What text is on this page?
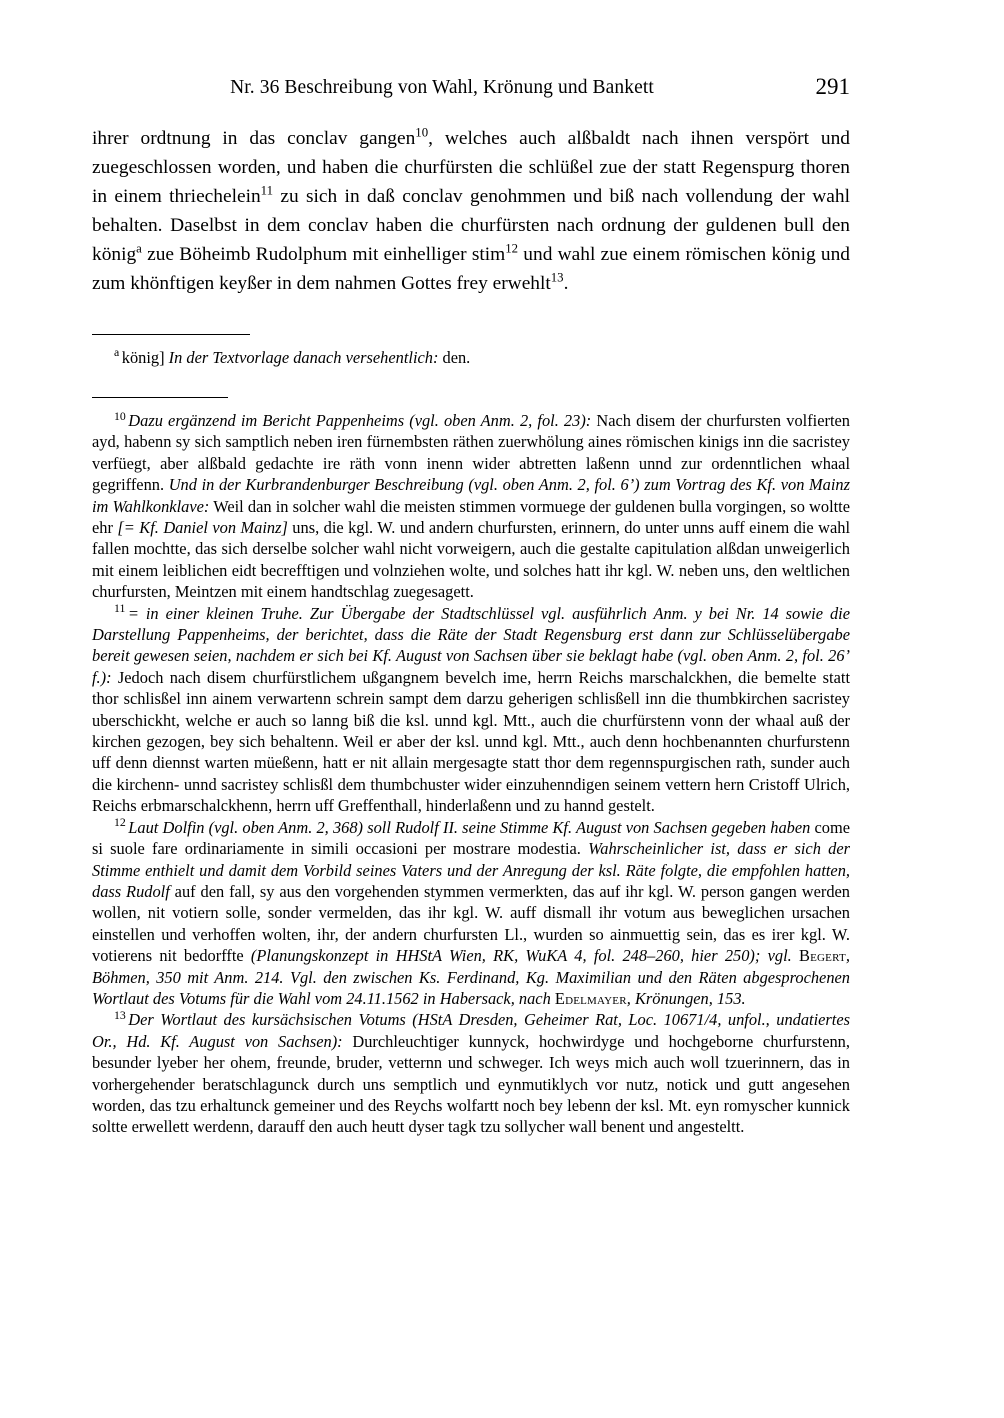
Nr. 36 Beschreibung von Wahl, Krönung und Bankett	291

ihrer ordtnung in das conclav gangen$^{10}$, welches auch alßbaldt nach ihnen verspört und zuegeschlossen worden, und haben die churfürsten die schlüßel zue der statt Regenspurg thoren in einem thriechelein$^{11}$ zu sich in daß conclav genohmmen und biß nach vollendung der wahl behalten. Daselbst in dem conclav haben die churfürsten nach ordnung der guldenen bull den könig$^a$ zue Böheimb Rudolphum mit einhelliger stim$^{12}$ und wahl zue einem römischen könig und zum khönftigen keyßer in dem nahmen Gottes frey erwehlt$^{13}$.

$^a$ könig] In der Textvorlage danach versehentlich: den.

$^{10}$ Dazu ergänzend im Bericht Pappenheims (vgl. oben Anm. 2, fol. 23): Nach disem der churfursten volfierten ayd, habenn sy sich samptlich neben iren fürnembsten räthen zuerwhölung aines römischen kinigs inn die sacristey verfüegt, aber alßbald gedachte ire räth vonn inenn wider abtretten laßenn unnd zur ordenntlichen whaal gegriffenn. Und in der Kurbrandenburger Beschreibung (vgl. oben Anm. 2, fol. 6’) zum Vortrag des Kf. von Mainz im Wahlkonklave: Weil dan in solcher wahl die meisten stimmen vormuege der guldenen bulla vorgingen, so woltte ehr [= Kf. Daniel von Mainz] uns, die kgl. W. und andern churfursten, erinnern, do unter unns auff einem die wahl fallen mochtte, das sich derselbe solcher wahl nicht vorweigern, auch die gestalte capitulation alßdan unweigerlich mit einem leiblichen eidt becrefftigen und volnziehen wolte, und solches hatt ihr kgl. W. neben uns, den weltlichen churfursten, Meintzen mit einem handtschlag zuegesagett.

$^{11}$ = in einer kleinen Truhe. Zur Übergabe der Stadtschlüssel vgl. ausführlich Anm. y bei Nr. 14 sowie die Darstellung Pappenheims, der berichtet, dass die Räte der Stadt Regensburg erst dann zur Schlüsselübergabe bereit gewesen seien, nachdem er sich bei Kf. August von Sachsen über sie beklagt habe (vgl. oben Anm. 2, fol. 26’ f.): Jedoch nach disem churfürstlichem ußgangnem bevelch ime, herrn Reichs marschalckhen, die bemelte statt thor schlisßel inn ainem verwartenn schrein sampt dem darzu geherigen schlisßell inn die thumbkirchen sacristey uberschickht, welche er auch so lanng biß die ksl. unnd kgl. Mtt., auch die churfürstenn vonn der whaal auß der kirchen gezogen, bey sich behaltenn. Weil er aber der ksl. unnd kgl. Mtt., auch denn hochbenannten churfurstenn uff denn diennst warten müeßenn, hatt er nit allain mergesagte statt thor dem regennspurgischen rath, sunder auch die kirchenn- unnd sacristey schlisßl dem thumbchuster wider einzuhenndigen seinem vettern hern Cristoff Ulrich, Reichs erbmarschalckhenn, herrn uff Greffenthall, hinderlaßenn und zu hannd gestelt.

$^{12}$ Laut Dolfin (vgl. oben Anm. 2, 368) soll Rudolf II. seine Stimme Kf. August von Sachsen gegeben haben come si suole fare ordinariamente in simili occasioni per mostrare modestia. Wahrscheinlicher ist, dass er sich der Stimme enthielt und damit dem Vorbild seines Vaters und der Anregung der ksl. Räte folgte, die empfohlen hatten, dass Rudolf auf den fall, sy aus den vorgehenden stymmen vermerkten, das auf ihr kgl. W. person gangen werden wollen, nit votiern solle, sonder vermelden, das ihr kgl. W. auff dismall ihr votum aus beweglichen ursachen einstellen und verhoffen wolten, ihr, der andern churfursten Ll., wurden so ainmuettig sein, das es irer kgl. W. votierens nit bedorffte (Planungskonzept in HHStA Wien, RK, WuKA 4, fol. 248–260, hier 250); vgl. Begert, Böhmen, 350 mit Anm. 214. Vgl. den zwischen Ks. Ferdinand, Kg. Maximilian und den Räten abgesprochenen Wortlaut des Votums für die Wahl vom 24.11.1562 in Habersack, nach Edelmayer, Krönungen, 153.

$^{13}$ Der Wortlaut des kursächsischen Votums (HStA Dresden, Geheimer Rat, Loc. 10671/4, unfol., undatiertes Or., Hd. Kf. August von Sachsen): Durchleuchtiger kunnyck, hochwirdyge und hochgeborne churfurstenn, besunder lyeber her ohem, freunde, bruder, vetternn und schweger. Ich weys mich auch woll tzuerinnern, das in vorhergehender beratschlagunck durch uns semptlich und eynmutiklych vor nutz, notick und gutt angesehen worden, das tzu erhaltunck gemeiner und des Reychs wolfartt noch bey lebenn der ksl. Mt. eyn romyscher kunnick soltte erwellett werdenn, darauff den auch heutt dyser tagk tzu sollycher wall benent und angesteltt.
